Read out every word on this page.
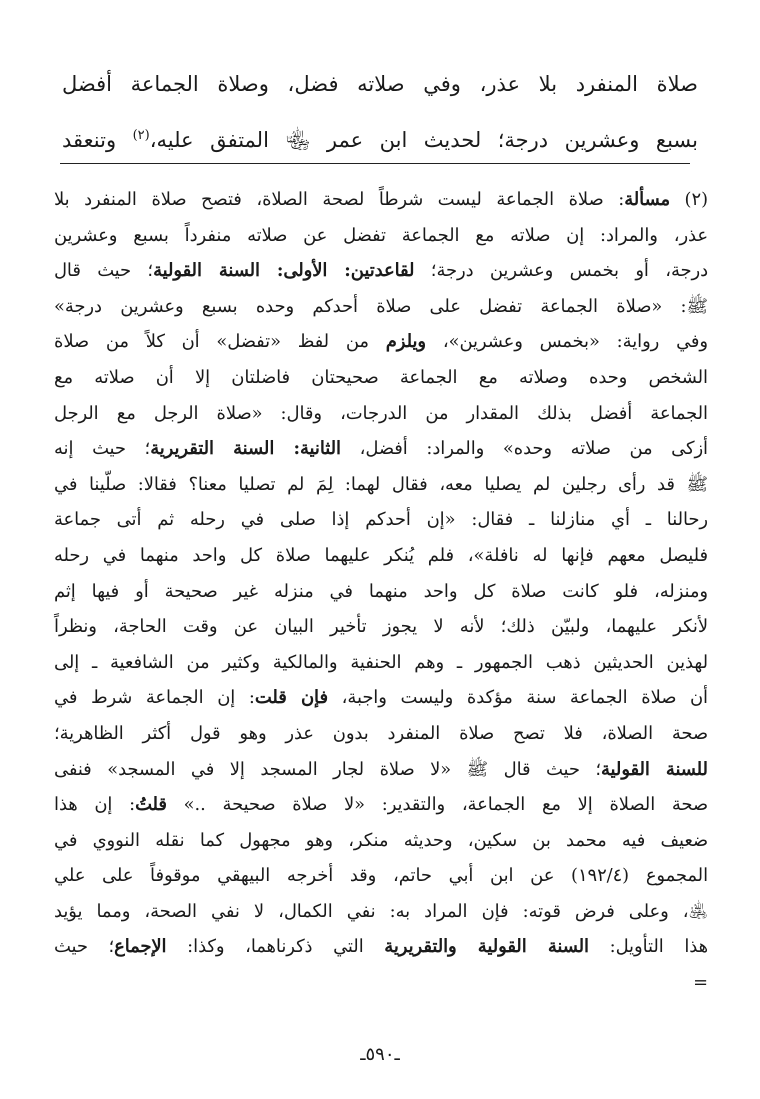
صلاة المنفرد بلا عذر، وفي صلاته فضل، وصلاة الجماعة أفضل
بسبع وعشرين درجة؛ لحديث ابن عمر ﵄ المتفق عليه،$^{(٢)}$ وتنعقد
(٢) مسألة: صلاة الجماعة ليست شرطاً لصحة الصلاة، فتصح صلاة المنفرد بلا
عذر، والمراد: إن صلاته مع الجماعة تفضل عن صلاته منفرداً بسبع وعشرين
درجة، أو بخمس وعشرين درجة؛ لقاعدتين: الأولى: السنة القولية؛ حيث قال
ﷺ: «صلاة الجماعة تفضل على صلاة أحدكم وحده بسبع وعشرين درجة»
وفي رواية: «بخمس وعشرين»، ويلزم من لفظ «تفضل» أن كلاً من صلاة
الشخص وحده وصلاته مع الجماعة صحيحتان فاضلتان إلا أن صلاته مع
الجماعة أفضل بذلك المقدار من الدرجات، وقال: «صلاة الرجل مع الرجل
أزكى من صلاته وحده» والمراد: أفضل، الثانية: السنة التقريرية؛ حيث إنه
ﷺ قد رأى رجلين لم يصليا معه، فقال لهما: لِمَ لم تصليا معنا؟ فقالا: صلّينا في
رحالنا ـ أي منازلنا ـ فقال: «إن أحدكم إذا صلى في رحله ثم أتى جماعة
فليصل معهم فإنها له نافلة»، فلم يُنكر عليهما صلاة كل واحد منهما في رحله
ومنزله، فلو كانت صلاة كل واحد منهما في منزله غير صحيحة أو فيها إثم
لأنكر عليهما، ولبيّن ذلك؛ لأنه لا يجوز تأخير البيان عن وقت الحاجة، ونظراً
لهذين الحديثين ذهب الجمهور ـ وهم الحنفية والمالكية وكثير من الشافعية ـ إلى
أن صلاة الجماعة سنة مؤكدة وليست واجبة، فإن قلت: إن الجماعة شرط في
صحة الصلاة، فلا تصح صلاة المنفرد بدون عذر وهو قول أكثر الظاهرية؛
للسنة القولية؛ حيث قال ﷺ «لا صلاة لجار المسجد إلا في المسجد» فنفى
صحة الصلاة إلا مع الجماعة، والتقدير: «لا صلاة صحيحة ..» قلتُ: إن هذا
ضعيف فيه محمد بن سكين، وحديثه منكر، وهو مجهول كما نقله النووي في
المجموع (١٩٢/٤) عن ابن أبي حاتم، وقد أخرجه البيهقي موقوفاً على علي
﵁، وعلى فرض قوته: فإن المراد به: نفي الكمال، لا نفي الصحة، ومما يؤيد
هذا التأويل: السنة القولية والتقريرية التي ذكرناهما، وكذا: الإجماع؛ حيث
=
ـ٥٩٠ـ
